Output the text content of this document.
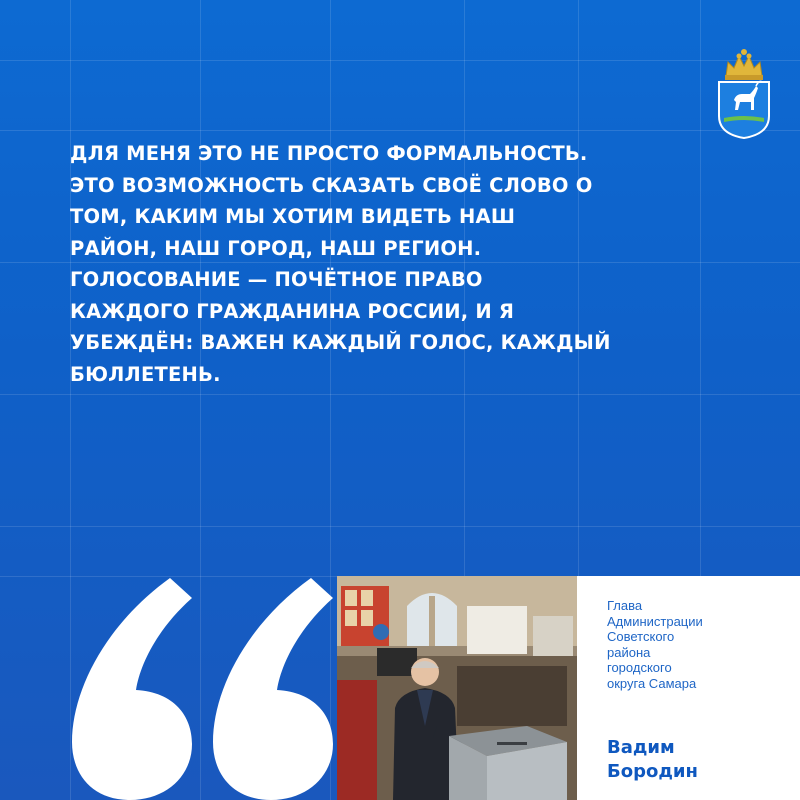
ДЛЯ МЕНЯ ЭТО НЕ ПРОСТО ФОРМАЛЬНОСТЬ.
ЭТО ВОЗМОЖНОСТЬ СКАЗАТЬ СВОЁ СЛОВО О
ТОМ, КАКИМ МЫ ХОТИМ ВИДЕТЬ НАШ
РАЙОН, НАШ ГОРОД, НАШ РЕГИОН.
ГОЛОСОВАНИЕ — ПОЧЁТНОЕ ПРАВО
КАЖДОГО ГРАЖДАНИНА РОССИИ, И Я
УБЕЖДЁН: ВАЖЕН КАЖДЫЙ ГОЛОС, КАЖДЫЙ
БЮЛЛЕТЕНЬ.
Глава
Администрации
Советского
района
городского
округа Самара
Вадим
Бородин
